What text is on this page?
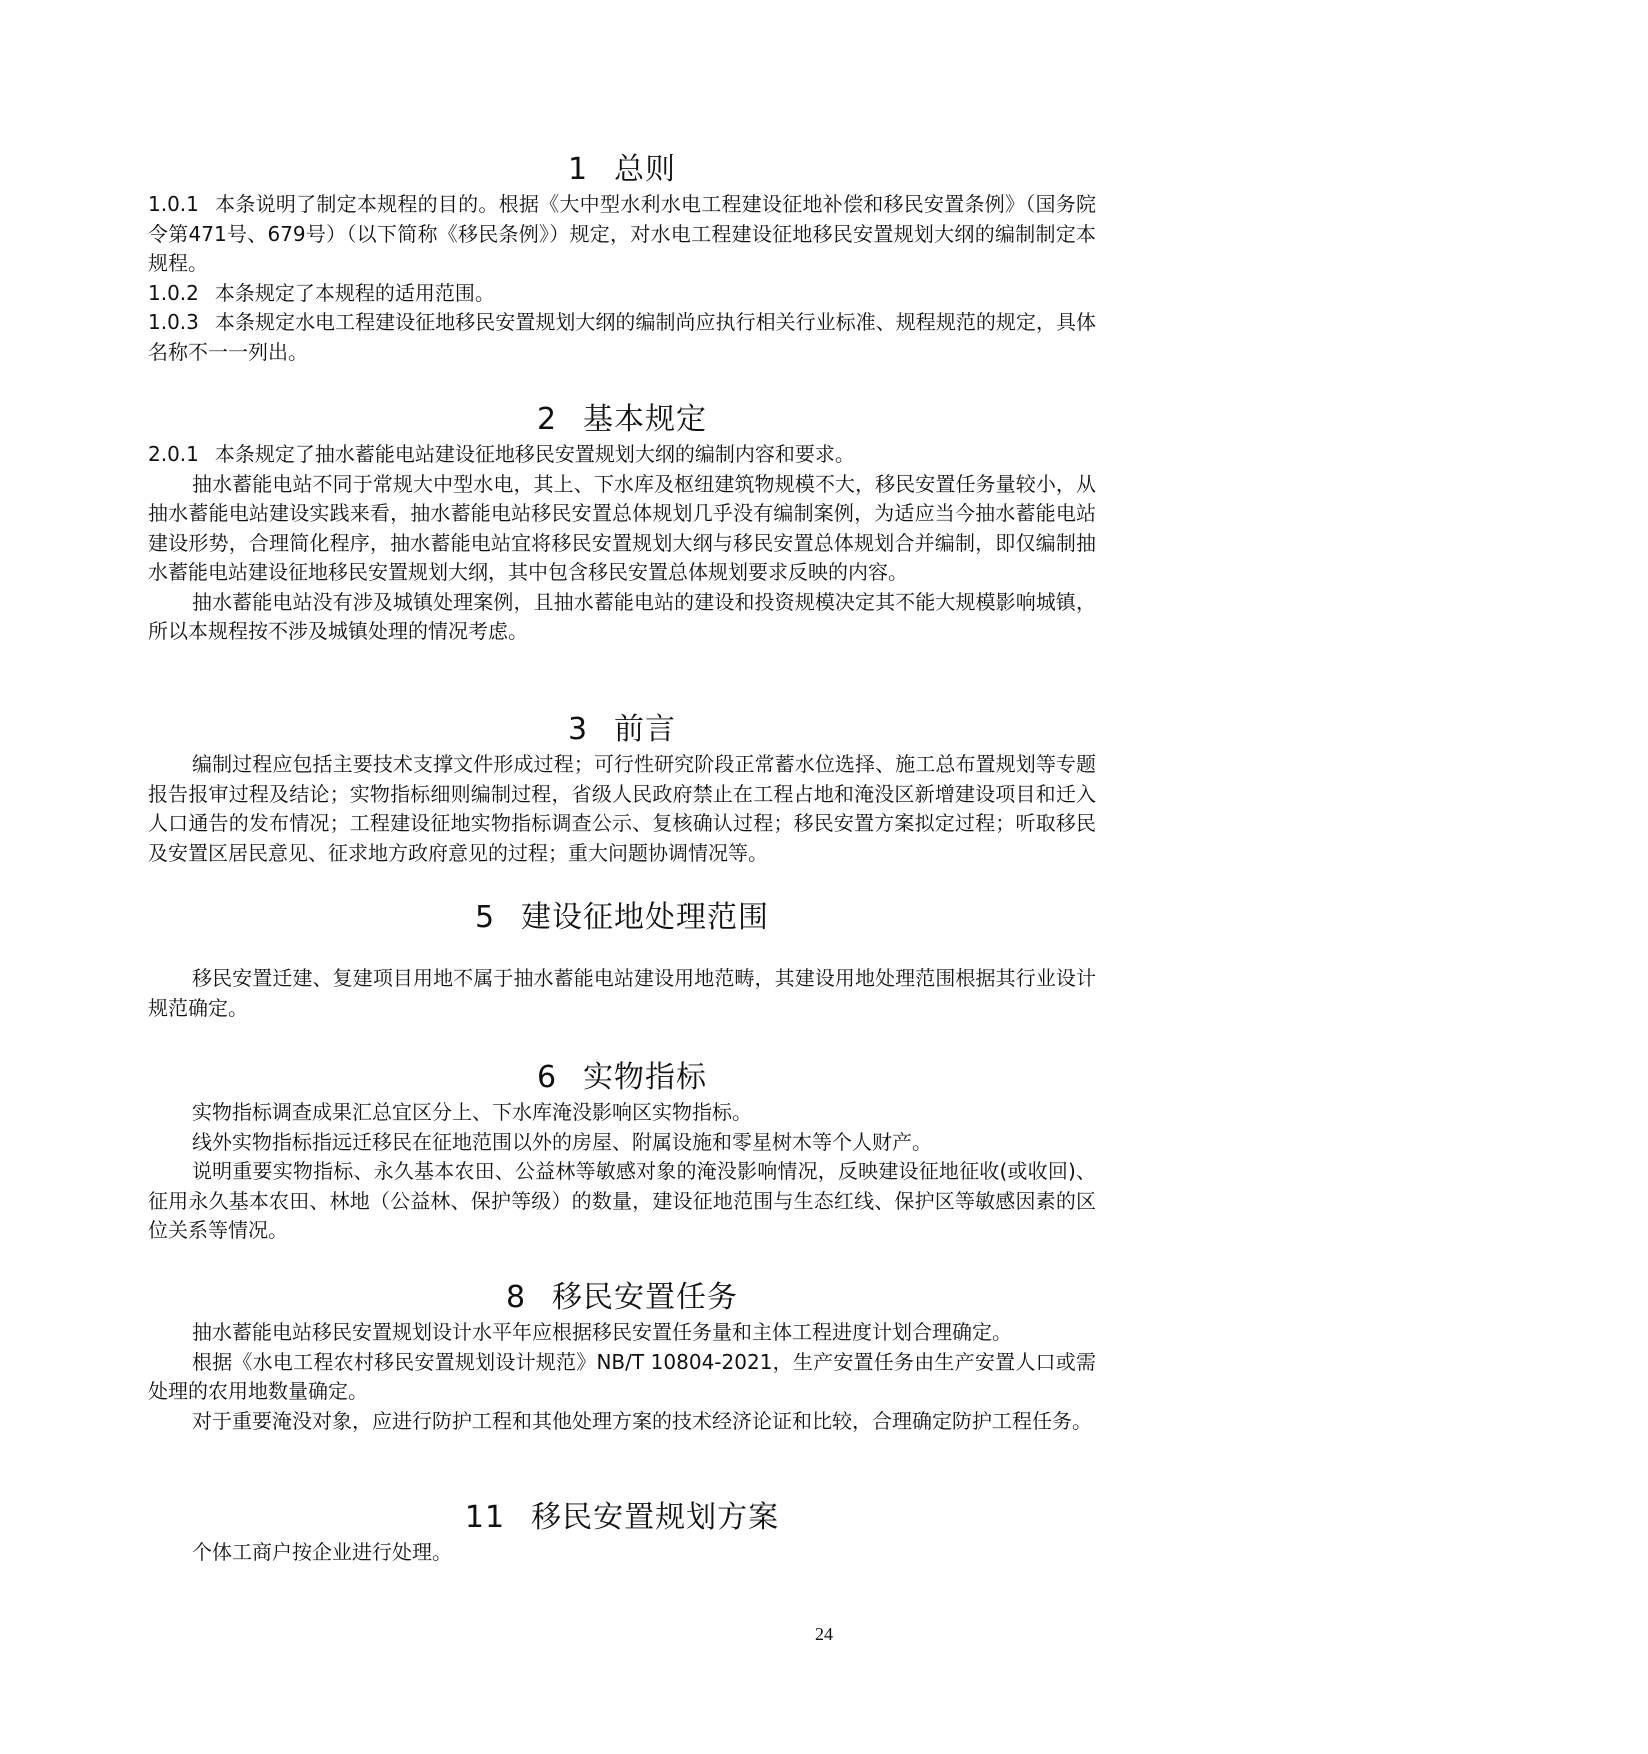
1 总则

1.0.1 本条说明了制定本规程的目的。根据《大中型水利水电工程建设征地补偿和移民安置条例》（国务院令第471号、679号）（以下简称《移民条例》）规定，对水电工程建设征地移民安置规划大纲的编制制定本规程。

1.0.2 本条规定了本规程的适用范围。

1.0.3 本条规定水电工程建设征地移民安置规划大纲的编制尚应执行相关行业标准、规程规范的规定，具体名称不一一列出。

2 基本规定

2.0.1 本条规定了抽水蓄能电站建设征地移民安置规划大纲的编制内容和要求。

抽水蓄能电站不同于常规大中型水电，其上、下水库及枢纽建筑物规模不大，移民安置任务量较小，从抽水蓄能电站建设实践来看，抽水蓄能电站移民安置总体规划几乎没有编制案例，为适应当今抽水蓄能电站建设形势，合理简化程序，抽水蓄能电站宜将移民安置规划大纲与移民安置总体规划合并编制，即仅编制抽水蓄能电站建设征地移民安置规划大纲，其中包含移民安置总体规划要求反映的内容。

抽水蓄能电站没有涉及城镇处理案例，且抽水蓄能电站的建设和投资规模决定其不能大规模影响城镇，所以本规程按不涉及城镇处理的情况考虑。

3 前言

编制过程应包括主要技术支撑文件形成过程；可行性研究阶段正常蓄水位选择、施工总布置规划等专题报告报审过程及结论；实物指标细则编制过程，省级人民政府禁止在工程占地和淹没区新增建设项目和迁入人口通告的发布情况；工程建设征地实物指标调查公示、复核确认过程；移民安置方案拟定过程；听取移民及安置区居民意见、征求地方政府意见的过程；重大问题协调情况等。

5 建设征地处理范围

移民安置迁建、复建项目用地不属于抽水蓄能电站建设用地范畴，其建设用地处理范围根据其行业设计规范确定。

6 实物指标

实物指标调查成果汇总宜区分上、下水库淹没影响区实物指标。

线外实物指标指远迁移民在征地范围以外的房屋、附属设施和零星树木等个人财产。

说明重要实物指标、永久基本农田、公益林等敏感对象的淹没影响情况，反映建设征地征收(或收回)、征用永久基本农田、林地（公益林、保护等级）的数量，建设征地范围与生态红线、保护区等敏感因素的区位关系等情况。

8 移民安置任务

抽水蓄能电站移民安置规划设计水平年应根据移民安置任务量和主体工程进度计划合理确定。

根据《水电工程农村移民安置规划设计规范》NB/T 10804-2021，生产安置任务由生产安置人口或需处理的农用地数量确定。

对于重要淹没对象，应进行防护工程和其他处理方案的技术经济论证和比较，合理确定防护工程任务。

11 移民安置规划方案

个体工商户按企业进行处理。

24
